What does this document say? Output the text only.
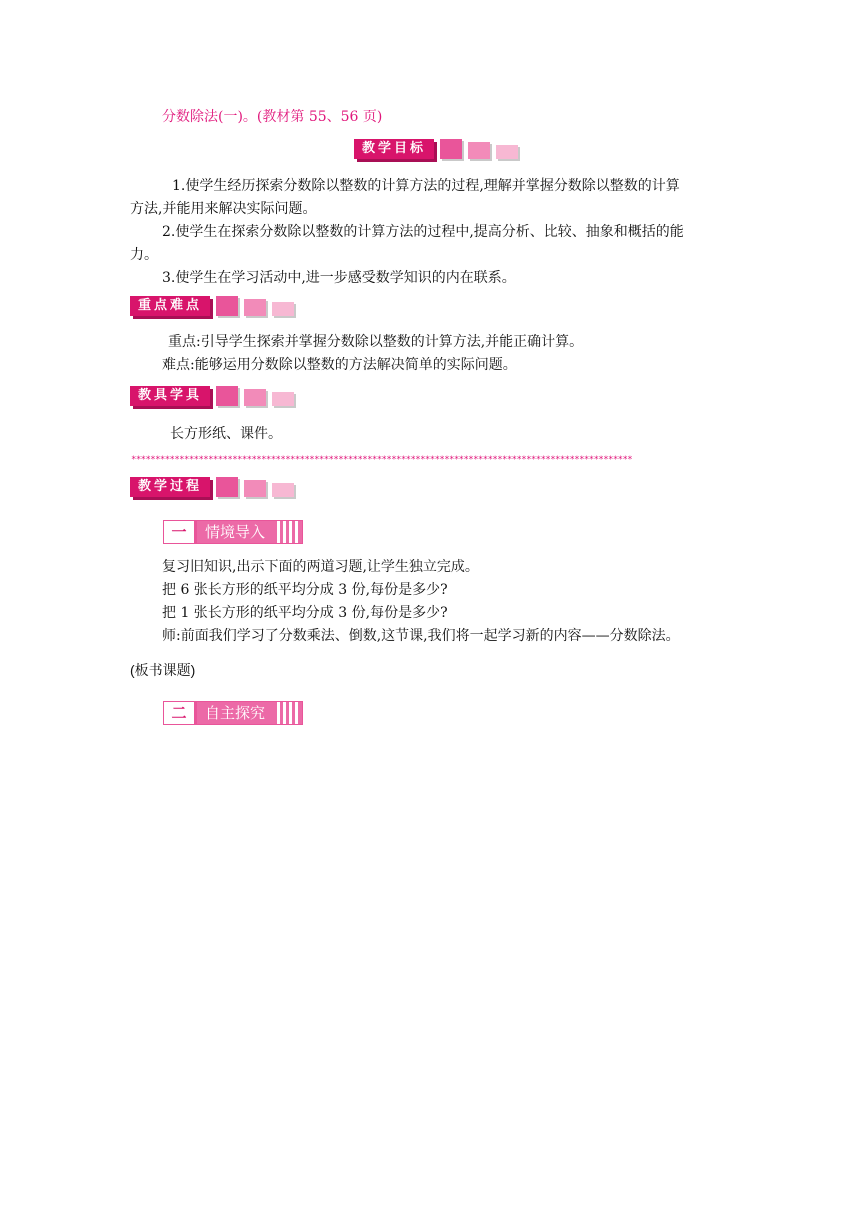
分数除法(一)。(教材第 55、56 页)
教学目标
1.使学生经历探索分数除以整数的计算方法的过程,理解并掌握分数除以整数的计算
方法,并能用来解决实际问题。
2.使学生在探索分数除以整数的计算方法的过程中,提高分析、比较、抽象和概括的能
力。
3.使学生在学习活动中,进一步感受数学知识的内在联系。
重点难点
重点:引导学生探索并掌握分数除以整数的计算方法,并能正确计算。
难点:能够运用分数除以整数的方法解决简单的实际问题。
教具学具
长方形纸、课件。
********************************************************************************************************
教学过程
一	情境导入
复习旧知识,出示下面的两道习题,让学生独立完成。
把 6 张长方形的纸平均分成 3 份,每份是多少?
把 1 张长方形的纸平均分成 3 份,每份是多少?
师:前面我们学习了分数乘法、倒数,这节课,我们将一起学习新的内容——分数除法。
(板书课题)
二	自主探究
